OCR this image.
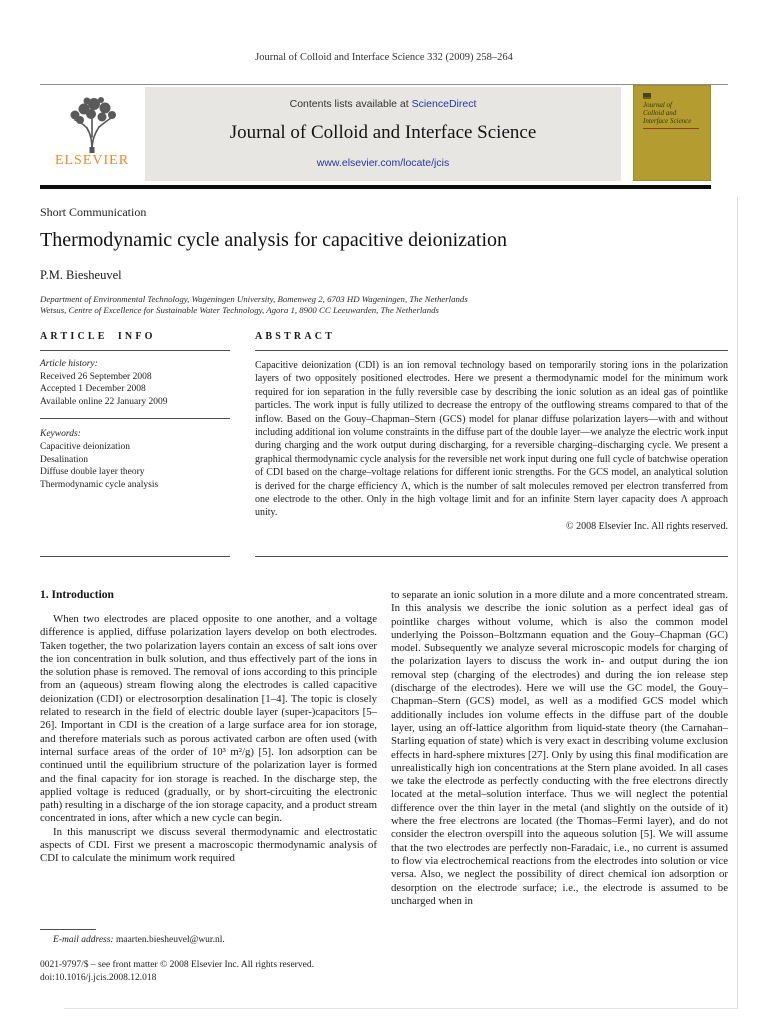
Journal of Colloid and Interface Science 332 (2009) 258–264
ELSEVIER
Contents lists available at ScienceDirect
Journal of Colloid and Interface Science
www.elsevier.com/locate/jcis
Journal of
Colloid and
Interface Science
Short Communication
Thermodynamic cycle analysis for capacitive deionization
P.M. Biesheuvel
Department of Environmental Technology, Wageningen University, Bomenweg 2, 6703 HD Wageningen, The Netherlands
Wetsus, Centre of Excellence for Sustainable Water Technology, Agora 1, 8900 CC Leeuwarden, The Netherlands
ARTICLE INFO
Article history:
Received 26 September 2008
Accepted 1 December 2008
Available online 22 January 2009
Keywords:
Capacitive deionization
Desalination
Diffuse double layer theory
Thermodynamic cycle analysis
ABSTRACT
Capacitive deionization (CDI) is an ion removal technology based on temporarily storing ions in the polarization layers of two oppositely positioned electrodes. Here we present a thermodynamic model for the minimum work required for ion separation in the fully reversible case by describing the ionic solution as an ideal gas of pointlike particles. The work input is fully utilized to decrease the entropy of the outflowing streams compared to that of the inflow. Based on the Gouy–Chapman–Stern (GCS) model for planar diffuse polarization layers—with and without including additional ion volume constraints in the diffuse part of the double layer—we analyze the electric work input during charging and the work output during discharging, for a reversible charging–discharging cycle. We present a graphical thermodynamic cycle analysis for the reversible net work input during one full cycle of batchwise operation of CDI based on the charge–voltage relations for different ionic strengths. For the GCS model, an analytical solution is derived for the charge efficiency Λ, which is the number of salt molecules removed per electron transferred from one electrode to the other. Only in the high voltage limit and for an infinite Stern layer capacity does Λ approach unity.
© 2008 Elsevier Inc. All rights reserved.
1. Introduction

When two electrodes are placed opposite to one another, and a voltage difference is applied, diffuse polarization layers develop on both electrodes. Taken together, the two polarization layers contain an excess of salt ions over the ion concentration in bulk solution, and thus effectively part of the ions in the solution phase is removed. The removal of ions according to this principle from an (aqueous) stream flowing along the electrodes is called capacitive deionization (CDI) or electrosorption desalination [1–4]. The topic is closely related to research in the field of electric double layer (super-)capacitors [5–26]. Important in CDI is the creation of a large surface area for ion storage, and therefore materials such as porous activated carbon are often used (with internal surface areas of the order of 10³ m²/g) [5]. Ion adsorption can be continued until the equilibrium structure of the polarization layer is formed and the final capacity for ion storage is reached. In the discharge step, the applied voltage is reduced (gradually, or by short-circuiting the electronic path) resulting in a discharge of the ion storage capacity, and a product stream concentrated in ions, after which a new cycle can begin.

In this manuscript we discuss several thermodynamic and electrostatic aspects of CDI. First we present a macroscopic thermodynamic analysis of CDI to calculate the minimum work required

to separate an ionic solution in a more dilute and a more concentrated stream. In this analysis we describe the ionic solution as a perfect ideal gas of pointlike charges without volume, which is also the common model underlying the Poisson–Boltzmann equation and the Gouy–Chapman (GC) model. Subsequently we analyze several microscopic models for charging of the polarization layers to discuss the work in- and output during the ion removal step (charging of the electrodes) and during the ion release step (discharge of the electrodes). Here we will use the GC model, the Gouy–Chapman–Stern (GCS) model, as well as a modified GCS model which additionally includes ion volume effects in the diffuse part of the double layer, using an off-lattice algorithm from liquid-state theory (the Carnahan–Starling equation of state) which is very exact in describing volume exclusion effects in hard-sphere mixtures [27]. Only by using this final modification are unrealistically high ion concentrations at the Stern plane avoided. In all cases we take the electrode as perfectly conducting with the free electrons directly located at the metal–solution interface. Thus we will neglect the potential difference over the thin layer in the metal (and slightly on the outside of it) where the free electrons are located (the Thomas–Fermi layer), and do not consider the electron overspill into the aqueous solution [5]. We will assume that the two electrodes are perfectly non-Faradaic, i.e., no current is assumed to flow via electrochemical reactions from the electrodes into solution or vice versa. Also, we neglect the possibility of direct chemical ion adsorption or desorption on the electrode surface; i.e., the electrode is assumed to be uncharged when in

E-mail address: maarten.biesheuvel@wur.nl.
0021-9797/$ – see front matter © 2008 Elsevier Inc. All rights reserved.
doi:10.1016/j.jcis.2008.12.018
